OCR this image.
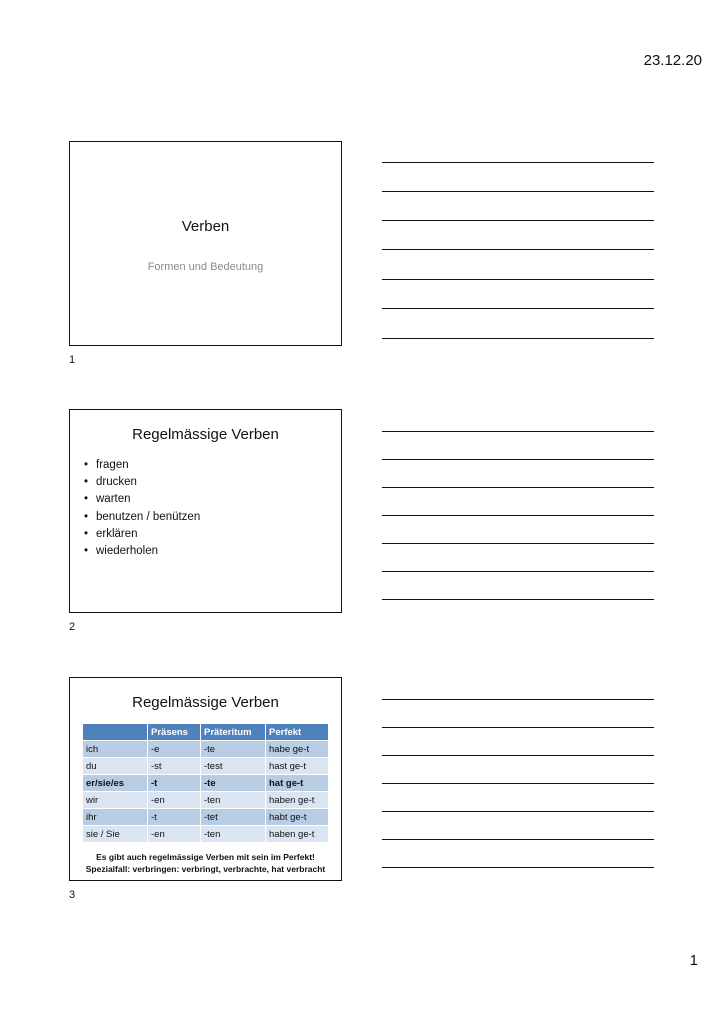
23.12.20
Verben
Formen und Bedeutung
1
Regelmässige Verben
• fragen
• drucken
• warten
• benutzen / benützen
• erklären
• wiederholen
2
Regelmässige Verben
	Präsens	Präteritum	Perfekt
ich	-e	-te	habe ge-t
du	-st	-test	hast ge-t
er/sie/es	-t	-te	hat ge-t
wir	-en	-ten	haben ge-t
ihr	-t	-tet	habt ge-t
sie / Sie	-en	-ten	haben ge-t
Es gibt auch regelmässige Verben mit sein im Perfekt!
Spezialfall: verbringen: verbringt, verbrachte, hat verbracht
3
1
